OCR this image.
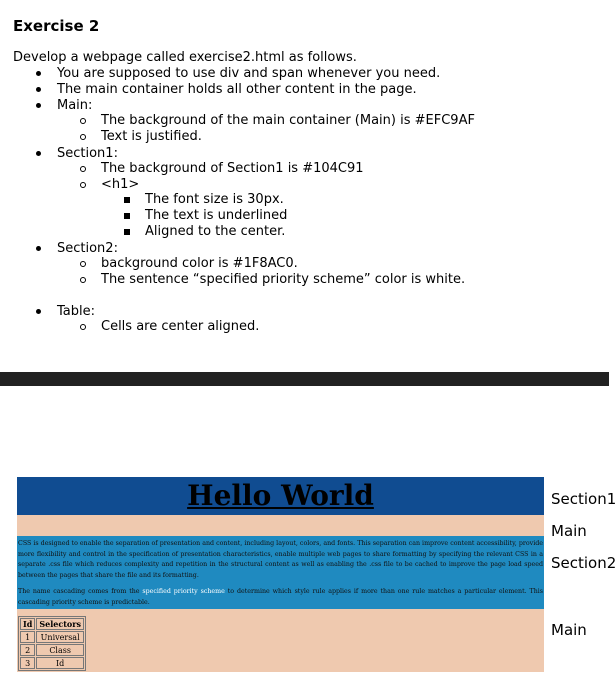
Exercise 2
Develop a webpage called exercise2.html as follows.
You are supposed to use div and span whenever you need.
The main container holds all other content in the page.
Main:
The background of the main container (Main) is #EFC9AF
Text is justified.
Section1:
The background of Section1 is #104C91
<h1>
The font size is 30px.
The text is underlined
Aligned to the center.
Section2:
background color is #1F8AC0.
The sentence “specified priority scheme” color is white.
Table:
Cells are center aligned.
Hello World

CSS is designed to enable the separation of presentation and content, including layout, colors, and fonts. This separation can improve content accessibility, provide more flexibility and control in the specification of presentation characteristics, enable multiple web pages to share formatting by specifying the relevant CSS in a separate .css file which reduces complexity and repetition in the structural content as well as enabling the .css file to be cached to improve the page load speed between the pages that share the file and its formatting.

The name cascading comes from the specified priority scheme to determine which style rule applies if more than one rule matches a particular element. This cascading priority scheme is predictable.

Section1
Main
Section2
Main
Id	Selectors
1	Universal
2	Class
3	Id
